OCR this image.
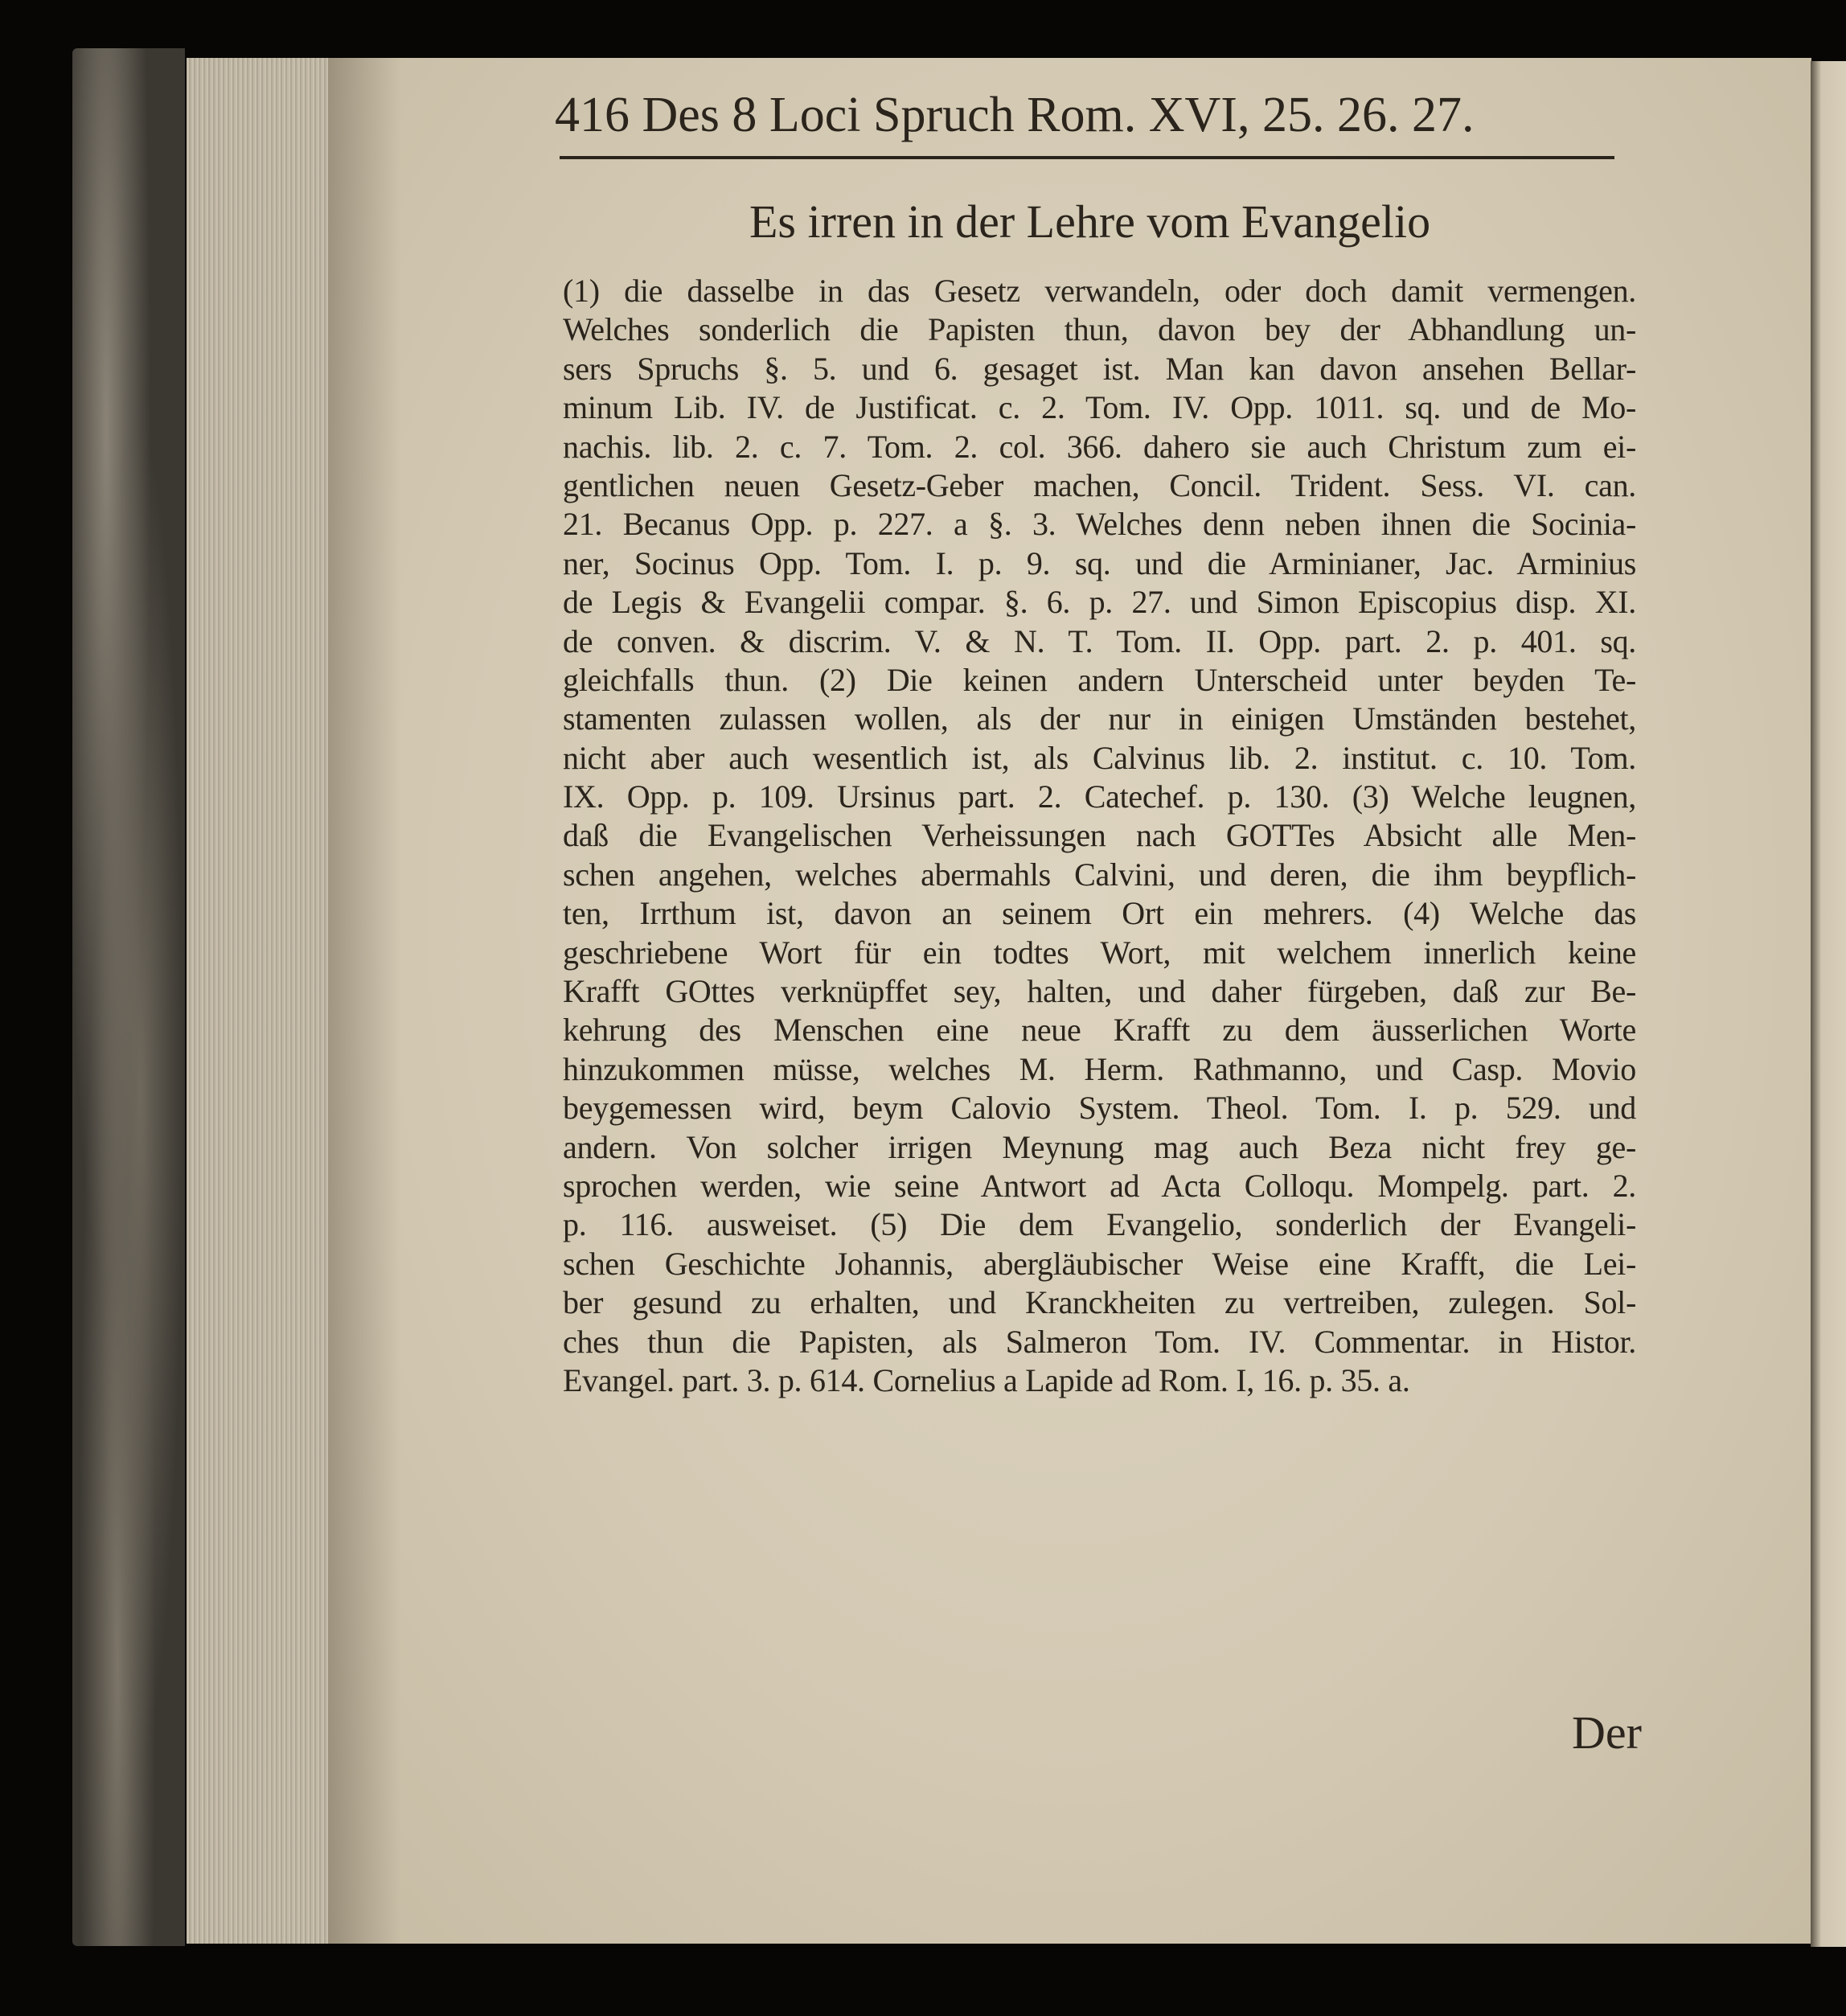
416 Des 8 Loci Spruch Rom. XVI, 25. 26. 27.
Es irren in der Lehre vom Evangelio
(1) die dasselbe in das Gesetz verwandeln, oder doch damit vermengen.
Welches sonderlich die Papisten thun, davon bey der Abhandlung un-
sers Spruchs §. 5. und 6. gesaget ist. Man kan davon ansehen Bellar-
minum Lib. IV. de Justificat. c. 2. Tom. IV. Opp. 1011. sq. und de Mo-
nachis. lib. 2. c. 7. Tom. 2. col. 366. dahero sie auch Christum zum ei-
gentlichen neuen Gesetz-Geber machen, Concil. Trident. Sess. VI. can.
21. Becanus Opp. p. 227. a §. 3. Welches denn neben ihnen die Sociniа-
ner, Socinus Opp. Tom. I. p. 9. sq. und die Arminianer, Jac. Arminius
de Legis & Evangelii compar. §. 6. p. 27. und Simon Episcopius disp. XI.
de conven. & discrim. V. & N. T. Tom. II. Opp. part. 2. p. 401. sq.
gleichfalls thun. (2) Die keinen andern Unterscheid unter beyden Te-
stamenten zulassen wollen, als der nur in einigen Umständen bestehet,
nicht aber auch wesentlich ist, als Calvinus lib. 2. institut. c. 10. Tom.
IX. Opp. p. 109. Ursinus part. 2. Catechef. p. 130. (3) Welche leugnen,
daß die Evangelischen Verheissungen nach GOTTes Absicht alle Men-
schen angehen, welches abermahls Calvini, und deren, die ihm beypflich-
ten, Irrthum ist, davon an seinem Ort ein mehrers. (4) Welche das
geschriebene Wort für ein todtes Wort, mit welchem innerlich keine
Krafft GOttes verknüpffet sey, halten, und daher fürgeben, daß zur Be-
kehrung des Menschen eine neue Krafft zu dem äusserlichen Worte
hinzukommen müsse, welches M. Herm. Rathmanno, und Casp. Movio
beygemessen wird, beym Calovio System. Theol. Tom. I. p. 529. und
andern. Von solcher irrigen Meynung mag auch Beza nicht frey ge-
sprochen werden, wie seine Antwort ad Acta Colloqu. Mompelg. part. 2.
p. 116. ausweiset. (5) Die dem Evangelio, sonderlich der Evangeli-
schen Geschichte Johannis, abergläubischer Weise eine Krafft, die Lei-
ber gesund zu erhalten, und Kranckheiten zu vertreiben, zulegen. Sol-
ches thun die Papisten, als Salmeron Tom. IV. Commentar. in Histor.
Evangel. part. 3. p. 614. Cornelius a Lapide ad Rom. I, 16. p. 35. a.
Der
